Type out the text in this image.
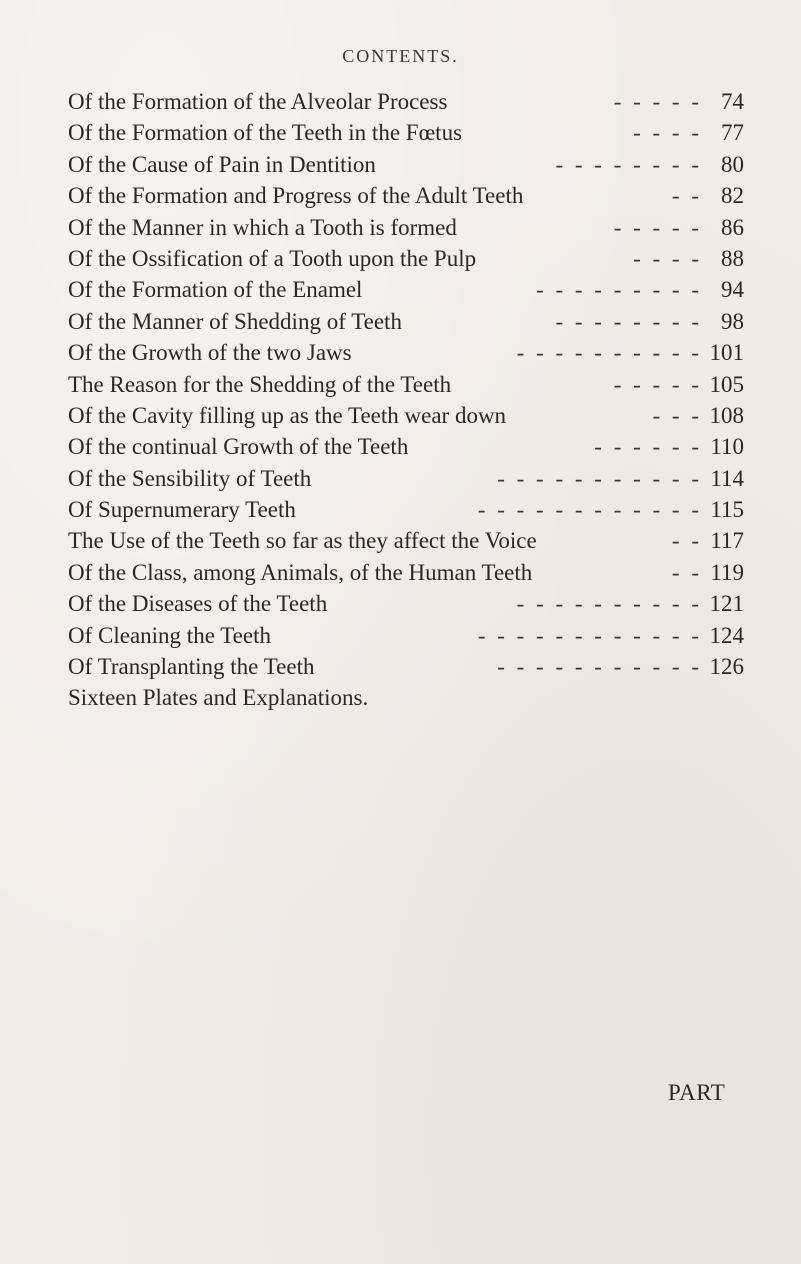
CONTENTS.
Of the Formation of the Alveolar Process	- - - - - 74
Of the Formation of the Teeth in the Fœtus	- - - - 77
Of the Cause of Pain in Dentition	- - - - - - - - 80
Of the Formation and Progress of the Adult Teeth	- - 82
Of the Manner in which a Tooth is formed	- - - - - 86
Of the Ossification of a Tooth upon the Pulp	- - - - 88
Of the Formation of the Enamel	- - - - - - - - - 94
Of the Manner of Shedding of Teeth	- - - - - - - - 98
Of the Growth of the two Jaws	- - - - - - - - - - 101
The Reason for the Shedding of the Teeth	- - - - - 105
Of the Cavity filling up as the Teeth wear down	- - - 108
Of the continual Growth of the Teeth	- - - - - - 110
Of the Sensibility of Teeth	- - - - - - - - - - - 114
Of Supernumerary Teeth	- - - - - - - - - - - - 115
The Use of the Teeth so far as they affect the Voice	- - 117
Of the Class, among Animals, of the Human Teeth	- - 119
Of the Diseases of the Teeth	- - - - - - - - - - 121
Of Cleaning the Teeth	- - - - - - - - - - - - 124
Of Transplanting the Teeth	- - - - - - - - - - - 126
Sixteen Plates and Explanations.
PART
